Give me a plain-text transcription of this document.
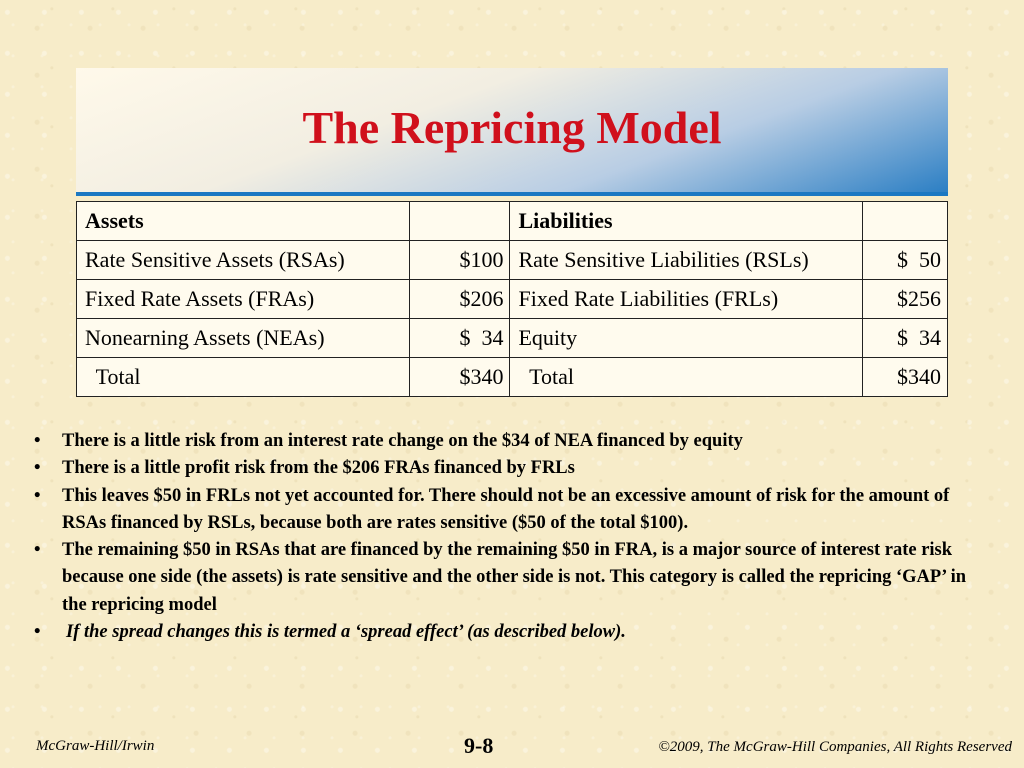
The Repricing Model
Assets		Liabilities	
Rate Sensitive Assets (RSAs)	$100	Rate Sensitive Liabilities (RSLs)	$  50
Fixed Rate Assets (FRAs)	$206	Fixed Rate Liabilities (FRLs)	$256
Nonearning Assets (NEAs)	$  34	Equity	$  34
Total	$340	Total	$340
• There is a little risk from an interest rate change on the $34 of NEA financed by equity
• There is a little profit risk from the $206 FRAs financed by FRLs
• This leaves $50 in FRLs not yet accounted for. There should not be an excessive amount of risk for the amount of RSAs financed by RSLs, because both are rates sensitive ($50 of the total $100).
• The remaining $50 in RSAs that are financed by the remaining $50 in FRA, is a major source of interest rate risk because one side (the assets) is rate sensitive and the other side is not. This category is called the repricing ‘GAP’ in the repricing model
• If the spread changes this is termed a ‘spread effect’ (as described below).
McGraw-Hill/Irwin	9-8	©2009, The McGraw-Hill Companies, All Rights Reserved
